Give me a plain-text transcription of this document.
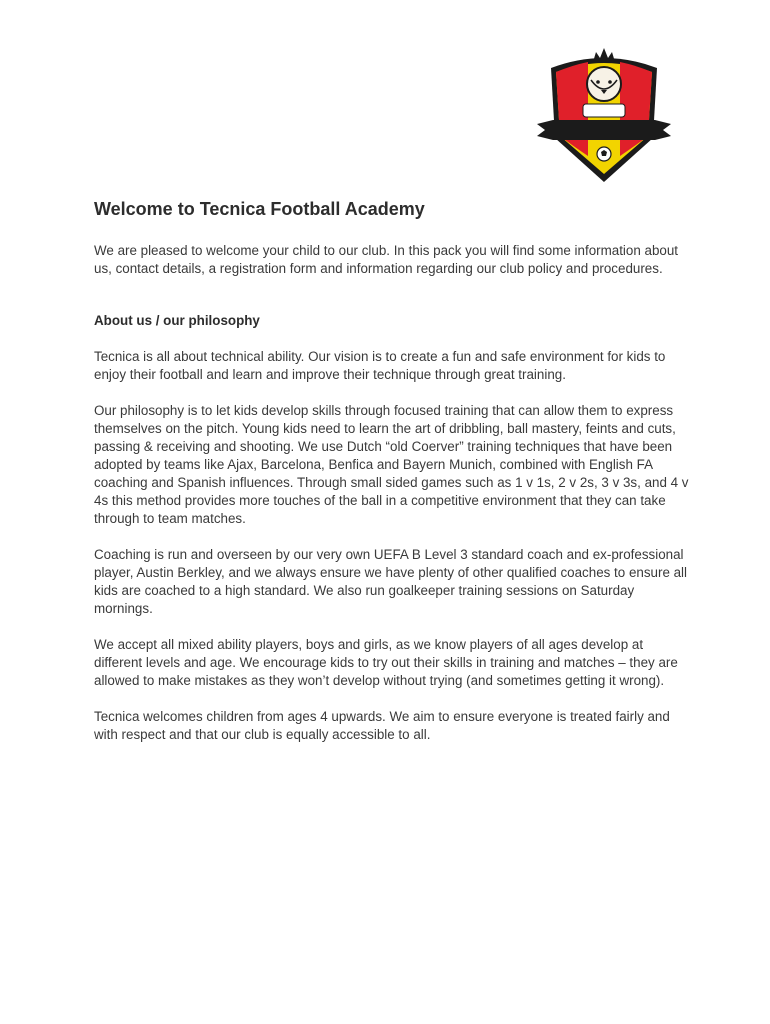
Welcome to Tecnica Football Academy

We are pleased to welcome your child to our club. In this pack you will find some information about us, contact details, a registration form and information regarding our club policy and procedures.

About us / our philosophy

Tecnica is all about technical ability. Our vision is to create a fun and safe environment for kids to enjoy their football and learn and improve their technique through great training.

Our philosophy is to let kids develop skills through focused training that can allow them to express themselves on the pitch. Young kids need to learn the art of dribbling, ball mastery, feints and cuts, passing & receiving and shooting. We use Dutch “old Coerver” training techniques that have been adopted by teams like Ajax, Barcelona, Benfica and Bayern Munich, combined with English FA coaching and Spanish influences. Through small sided games such as 1 v 1s, 2 v 2s, 3 v 3s, and 4 v 4s this method provides more touches of the ball in a competitive environment that they can take through to team matches.

Coaching is run and overseen by our very own UEFA B Level 3 standard coach and ex-professional player, Austin Berkley, and we always ensure we have plenty of other qualified coaches to ensure all kids are coached to a high standard. We also run goalkeeper training sessions on Saturday mornings.

We accept all mixed ability players, boys and girls, as we know players of all ages develop at different levels and age. We encourage kids to try out their skills in training and matches – they are allowed to make mistakes as they won’t develop without trying (and sometimes getting it wrong).

Tecnica welcomes children from ages 4 upwards. We aim to ensure everyone is treated fairly and with respect and that our club is equally accessible to all.
